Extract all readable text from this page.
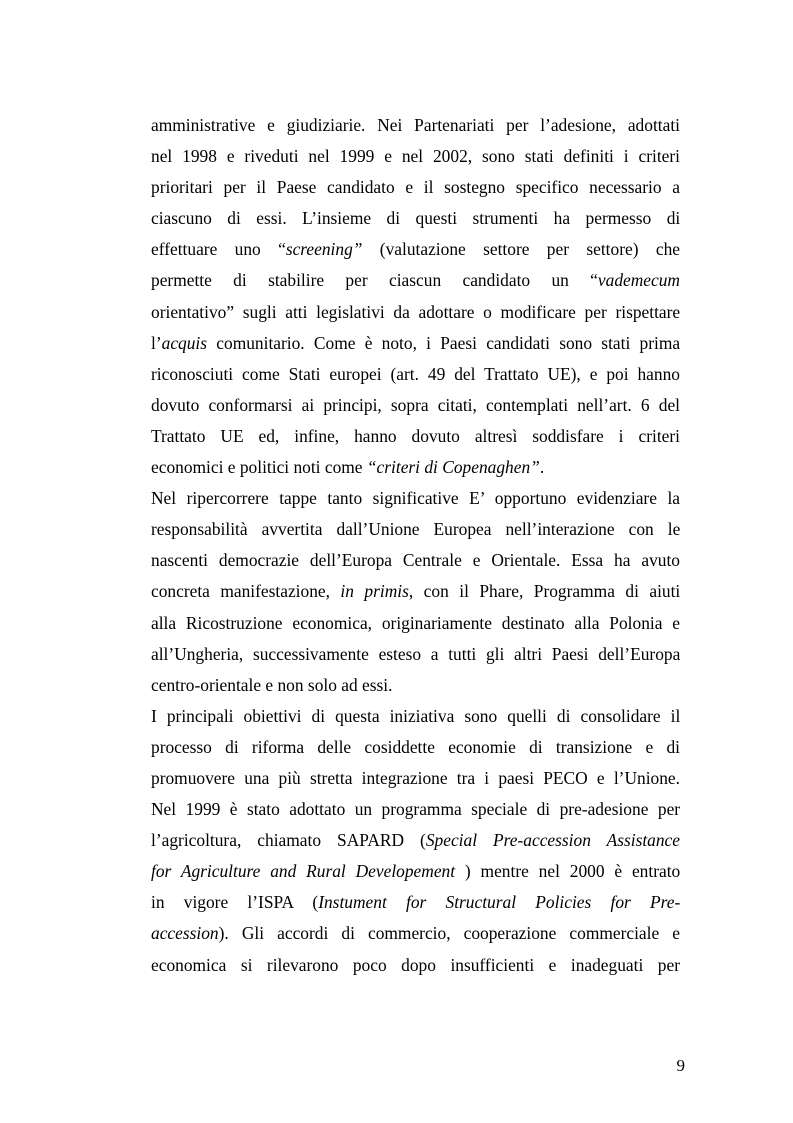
amministrative e giudiziarie. Nei Partenariati per l’adesione, adottati
nel 1998 e riveduti nel 1999 e nel 2002, sono stati definiti i criteri
prioritari per il Paese candidato e il sostegno specifico necessario a
ciascuno di essi. L’insieme di questi strumenti ha permesso di
effettuare uno “screening” (valutazione settore per settore) che
permette di stabilire per ciascun candidato un “vademecum
orientativo” sugli atti legislativi da adottare o modificare per rispettare
l’acquis comunitario. Come è noto, i Paesi candidati sono stati prima
riconosciuti come Stati europei (art. 49 del Trattato UE), e poi hanno
dovuto conformarsi ai principi, sopra citati, contemplati nell’art. 6 del
Trattato UE ed, infine, hanno dovuto altresì soddisfare i criteri
economici e politici noti come “criteri di Copenaghen”.
Nel ripercorrere tappe tanto significative E’ opportuno evidenziare la
responsabilità avvertita dall’Unione Europea nell’interazione con le
nascenti democrazie dell’Europa Centrale e Orientale. Essa ha avuto
concreta manifestazione, in primis, con il Phare, Programma di aiuti
alla Ricostruzione economica, originariamente destinato alla Polonia e
all’Ungheria, successivamente esteso a tutti gli altri Paesi dell’Europa
centro-orientale e non solo ad essi.
I principali obiettivi di questa iniziativa sono quelli di consolidare il
processo di riforma delle cosiddette economie di transizione e di
promuovere una più stretta integrazione tra i paesi PECO e l’Unione.
Nel 1999 è stato adottato un programma speciale di pre-adesione per
l’agricoltura, chiamato SAPARD (Special Pre-accession Assistance
for Agriculture and Rural Developement ) mentre nel 2000 è entrato
in vigore l’ISPA (Instument for Structural Policies for Pre-
accession). Gli accordi di commercio, cooperazione commerciale e
economica si rilevarono poco dopo insufficienti e inadeguati per
9
